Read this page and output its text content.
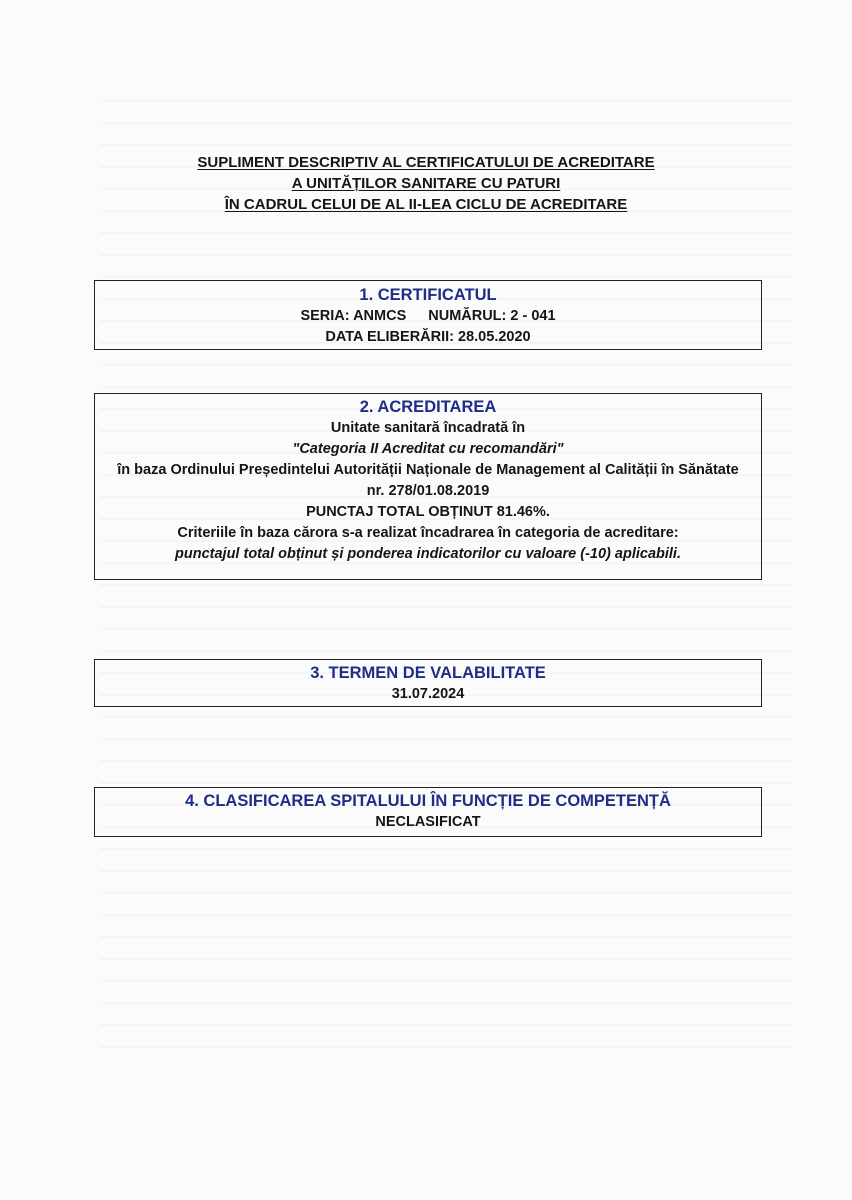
SUPLIMENT DESCRIPTIV AL CERTIFICATULUI DE ACREDITARE
A UNITĂȚILOR SANITARE CU PATURI
ÎN CADRUL CELUI DE AL II-LEA CICLU DE ACREDITARE
1. CERTIFICATUL
SERIA: ANMCS NUMĂRUL: 2 - 041
DATA ELIBERĂRII: 28.05.2020
2. ACREDITAREA
Unitate sanitară încadrată în
"Categoria II Acreditat cu recomandări"
în baza Ordinului Președintelui Autorității Naționale de Management al Calității în Sănătate
nr. 278/01.08.2019
PUNCTAJ TOTAL OBȚINUT 81.46%.
Criteriile în baza cărora s-a realizat încadrarea în categoria de acreditare:
punctajul total obținut și ponderea indicatorilor cu valoare (-10) aplicabili.
3. TERMEN DE VALABILITATE
31.07.2024
4. CLASIFICAREA SPITALULUI ÎN FUNCȚIE DE COMPETENȚĂ
NECLASIFICAT
